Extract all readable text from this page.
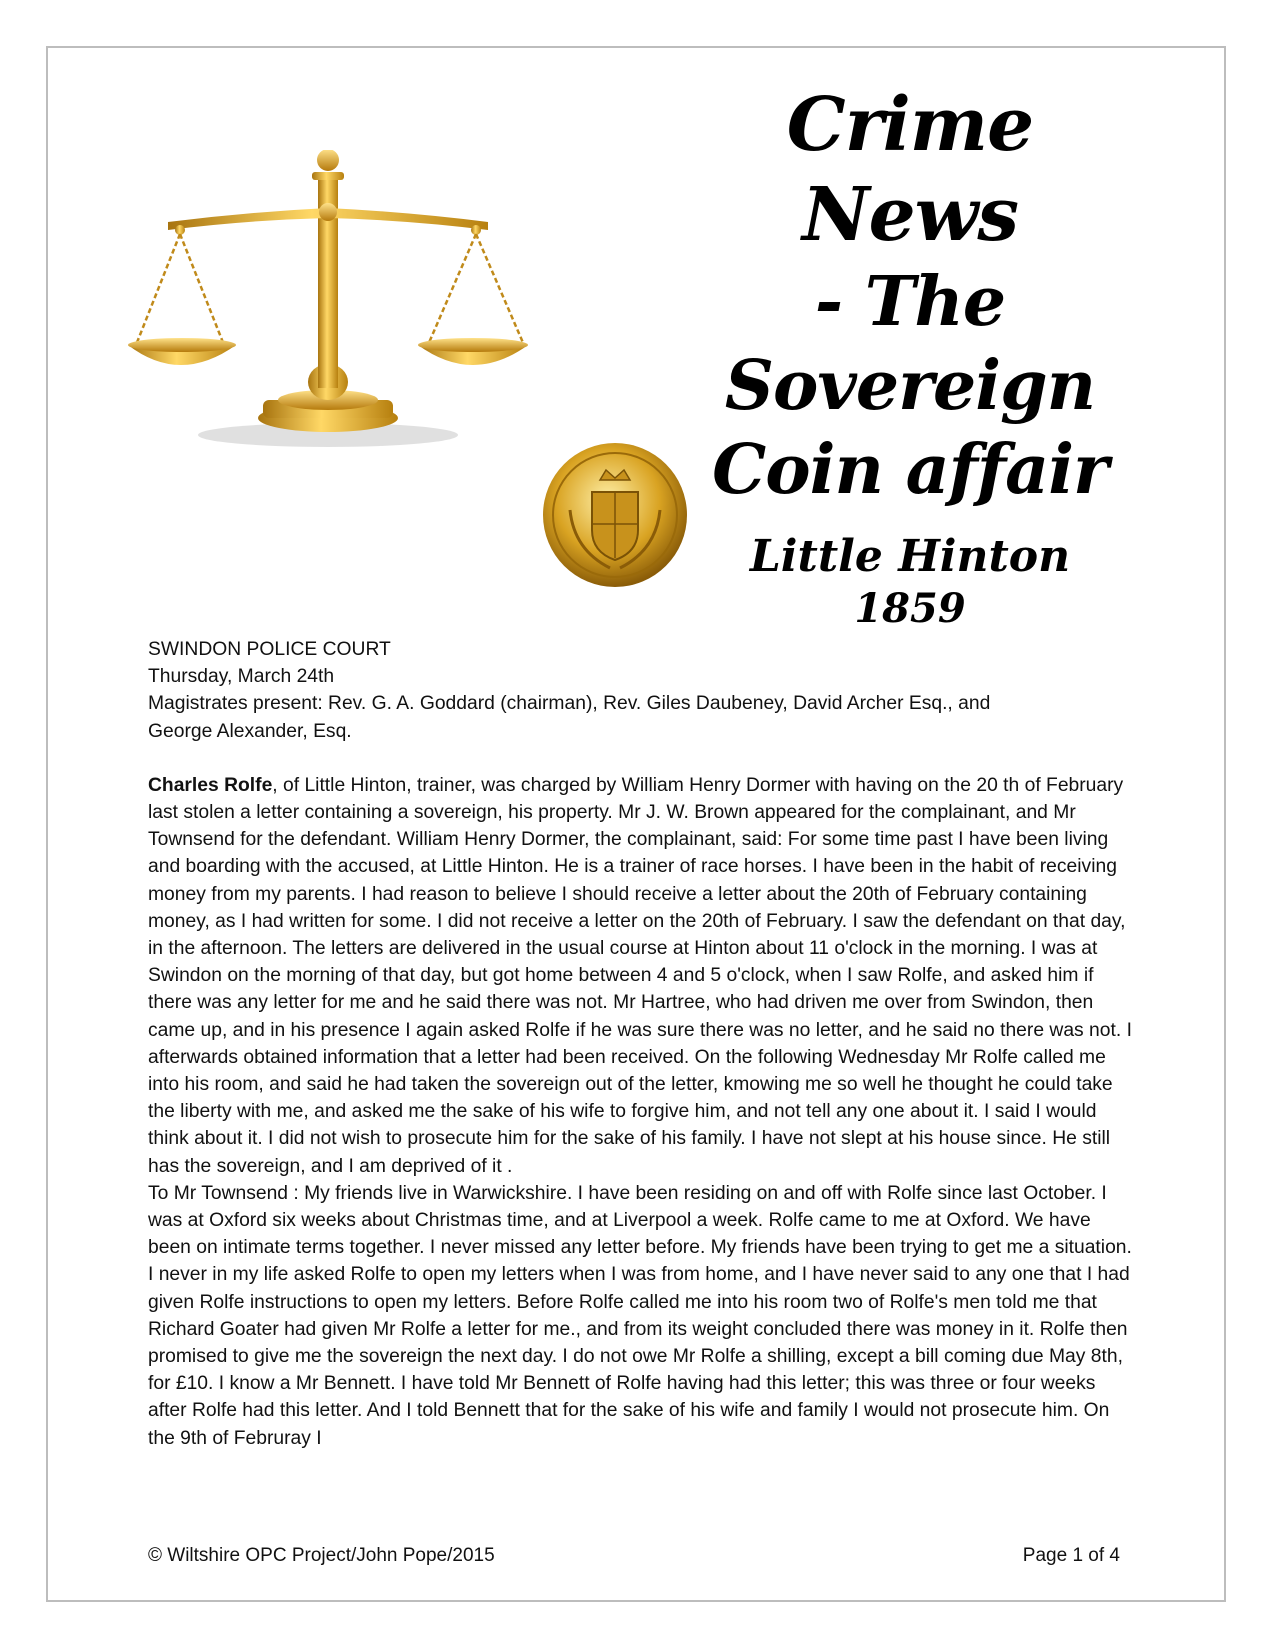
Crime
News
- The Sovereign
Coin affair
Little Hinton
1859

SWINDON POLICE COURT

Thursday, March 24th

Magistrates present: Rev. G. A. Goddard (chairman), Rev. Giles Daubeney, David Archer Esq., and

George Alexander, Esq.

Charles Rolfe, of Little Hinton, trainer, was charged by William Henry Dormer with having on the 20 th of February last stolen a letter containing a sovereign, his property. Mr J. W. Brown appeared for the complainant, and Mr Townsend for the defendant. William Henry Dormer, the complainant, said: For some time past I have been living and boarding with the accused, at Little Hinton. He is a trainer of race horses. I have been in the habit of receiving money from my parents. I had reason to believe I should receive a letter about the 20th of February containing money, as I had written for some. I did not receive a letter on the 20th of February. I saw the defendant on that day, in the afternoon. The letters are delivered in the usual course at Hinton about 11 o'clock in the morning. I was at Swindon on the morning of that day, but got home between 4 and 5 o'clock, when I saw Rolfe, and asked him if there was any letter for me and he said there was not. Mr Hartree, who had driven me over from Swindon, then came up, and in his presence I again asked Rolfe if he was sure there was no letter, and he said no there was not. I afterwards obtained information that a letter had been received. On the following Wednesday Mr Rolfe called me into his room, and said he had taken the sovereign out of the letter, kmowing me so well he thought he could take the liberty with me, and asked me the sake of his wife to forgive him, and not tell any one about it. I said I would think about it. I did not wish to prosecute him for the sake of his family. I have not slept at his house since. He still has the sovereign, and I am deprived of it .

To Mr Townsend : My friends live in Warwickshire. I have been residing on and off with Rolfe since last October. I was at Oxford six weeks about Christmas time, and at Liverpool a week. Rolfe came to me at Oxford. We have been on intimate terms together. I never missed any letter before. My friends have been trying to get me a situation. I never in my life asked Rolfe to open my letters when I was from home, and I have never said to any one that I had given Rolfe instructions to open my letters. Before Rolfe called me into his room two of Rolfe's men told me that Richard Goater had given Mr Rolfe a letter for me., and from its weight concluded there was money in it. Rolfe then promised to give me the sovereign the next day. I do not owe Mr Rolfe a shilling, except a bill coming due May 8th, for £10. I know a Mr Bennett. I have told Mr Bennett of Rolfe having had this letter; this was three or four weeks after Rolfe had this letter. And I told Bennett that for the sake of his wife and family I would not prosecute him. On the 9th of Februray I

© Wiltshire OPC Project/John Pope/2015	Page 1 of 4
